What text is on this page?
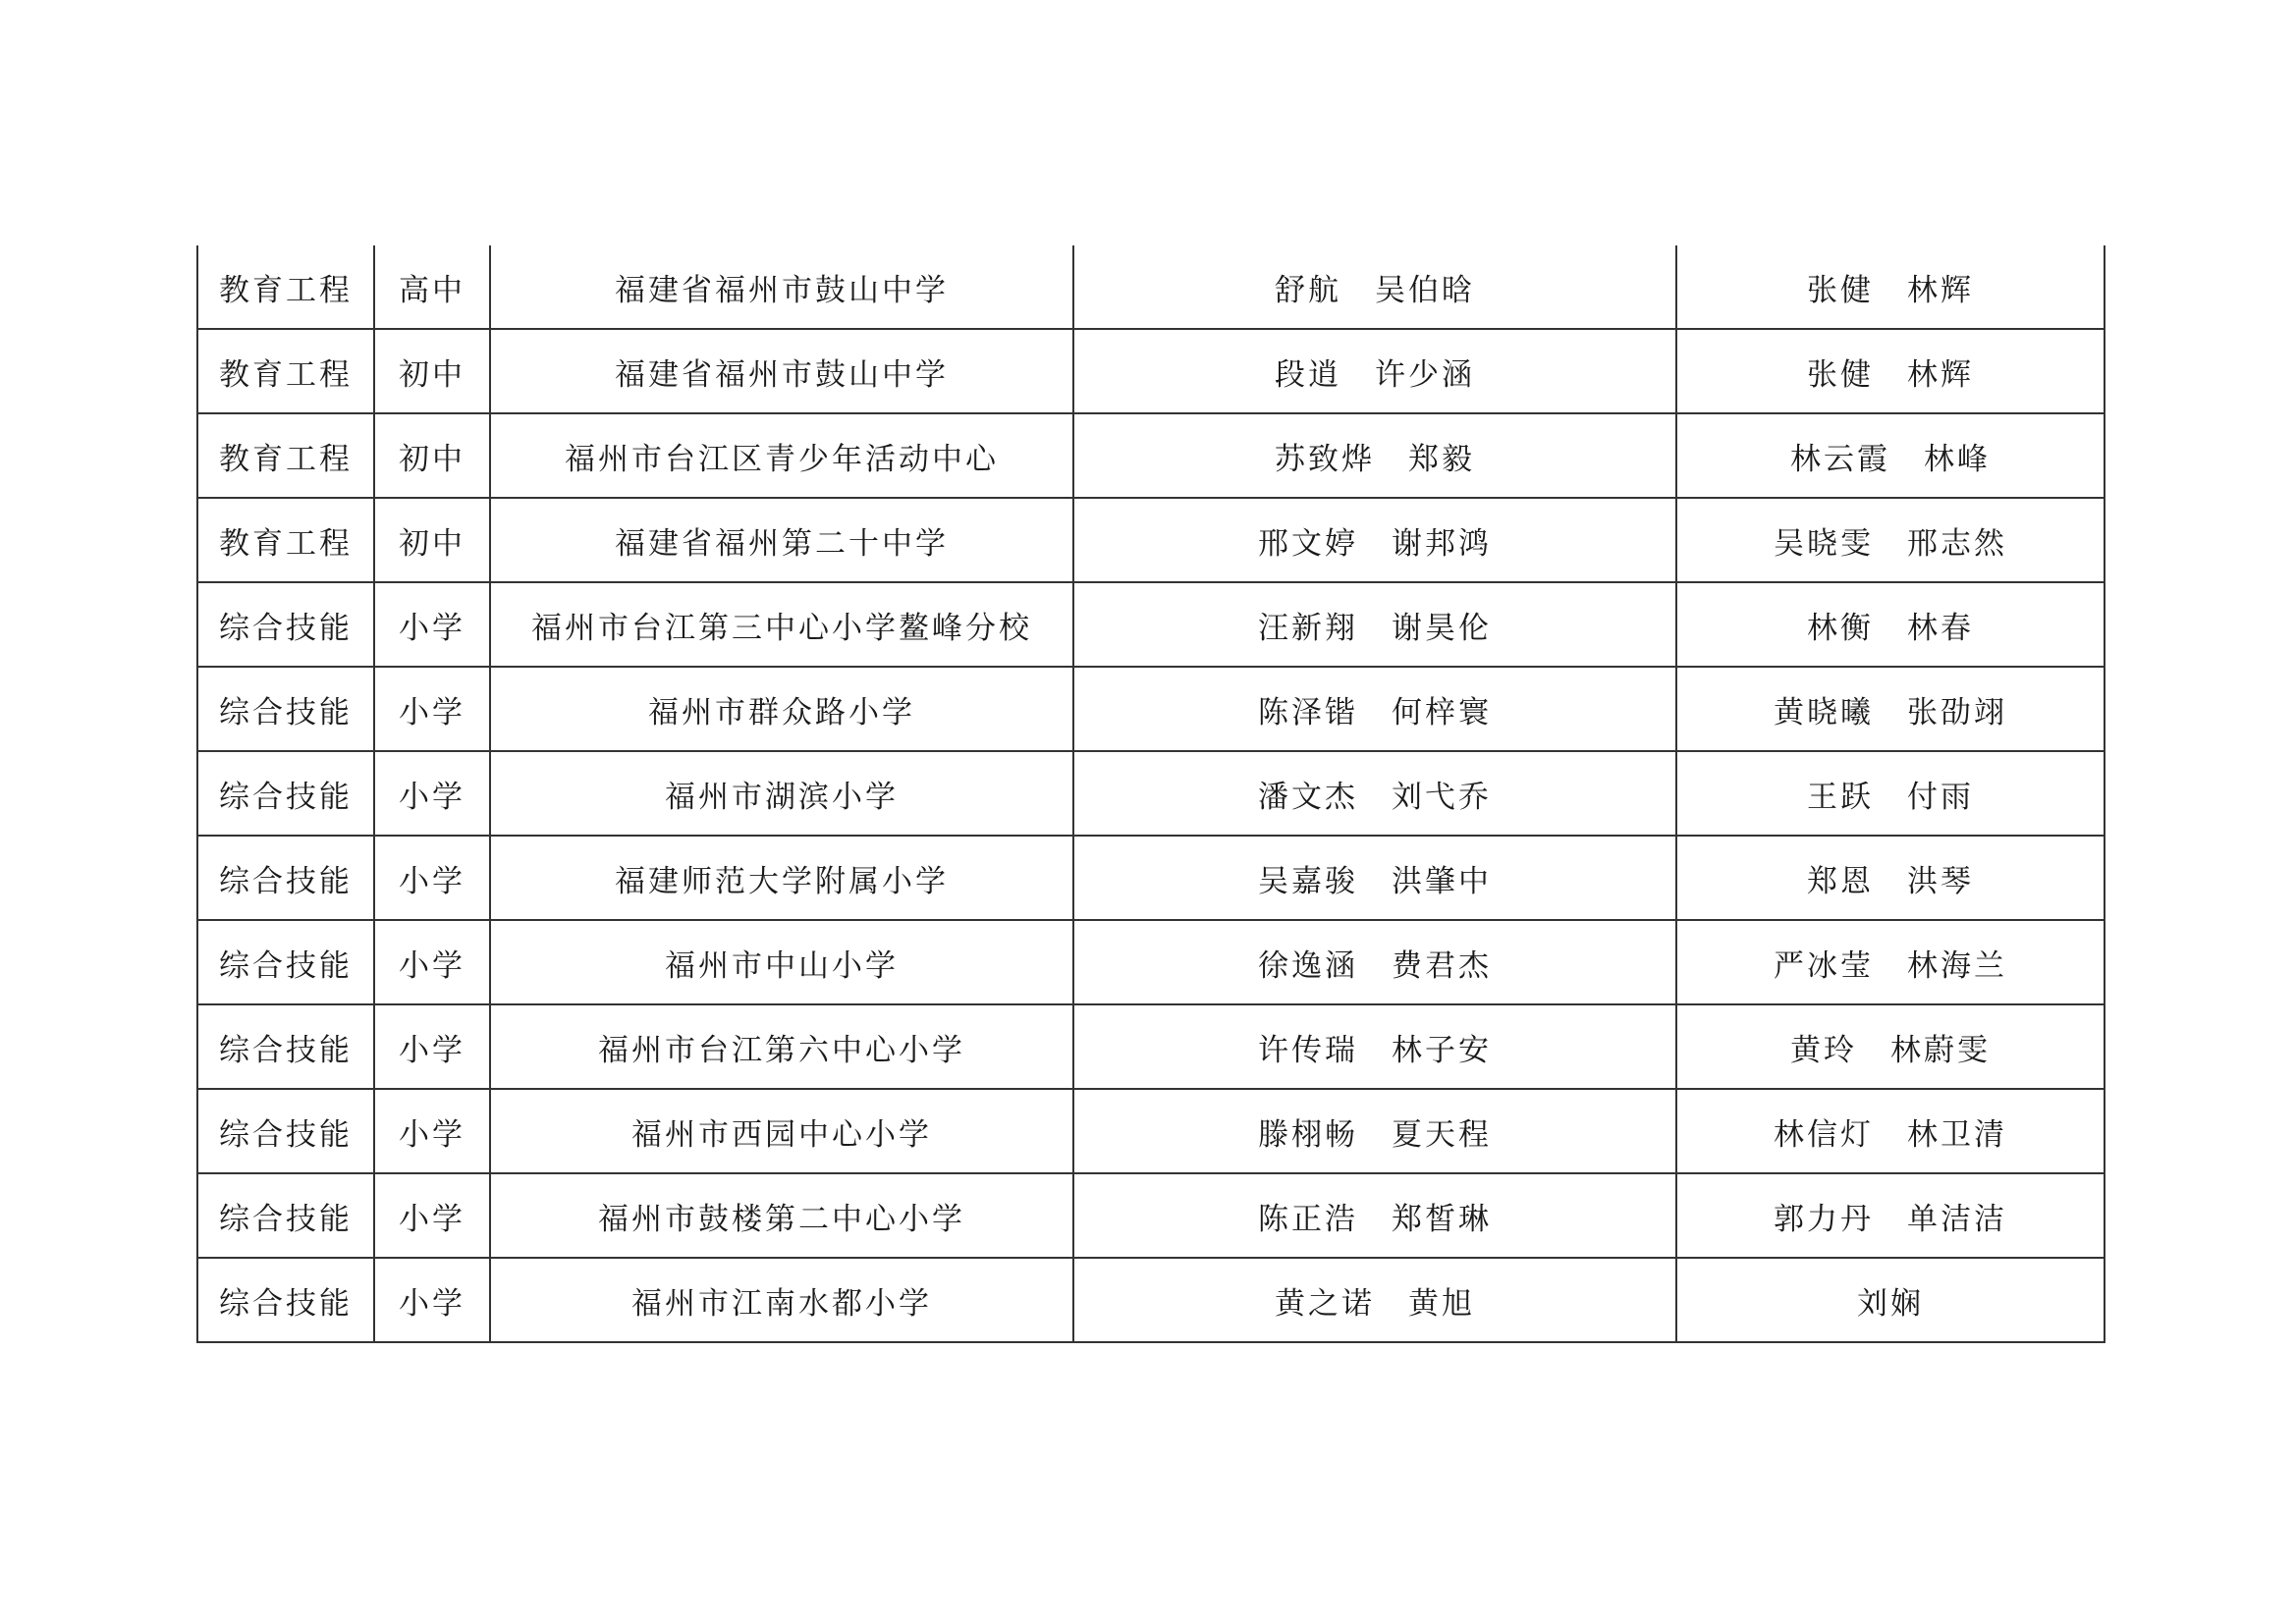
教育工程	高中	福建省福州市鼓山中学	舒航 吴伯晗	张健 林辉
教育工程	初中	福建省福州市鼓山中学	段逍 许少涵	张健 林辉
教育工程	初中	福州市台江区青少年活动中心	苏致烨 郑毅	林云霞 林峰
教育工程	初中	福建省福州第二十中学	邢文婷 谢邦鸿	吴晓雯 邢志然
综合技能	小学	福州市台江第三中心小学鳌峰分校	汪新翔 谢昊伦	林衡 林春
综合技能	小学	福州市群众路小学	陈泽锴 何梓寰	黄晓曦 张劭翊
综合技能	小学	福州市湖滨小学	潘文杰 刘弋乔	王跃 付雨
综合技能	小学	福建师范大学附属小学	吴嘉骏 洪肇中	郑恩 洪琴
综合技能	小学	福州市中山小学	徐逸涵 费君杰	严冰莹 林海兰
综合技能	小学	福州市台江第六中心小学	许传瑞 林子安	黄玲 林蔚雯
综合技能	小学	福州市西园中心小学	滕栩畅 夏天程	林信灯 林卫清
综合技能	小学	福州市鼓楼第二中心小学	陈正浩 郑皙琳	郭力丹 单洁洁
综合技能	小学	福州市江南水都小学	黄之诺 黄旭	刘娴
